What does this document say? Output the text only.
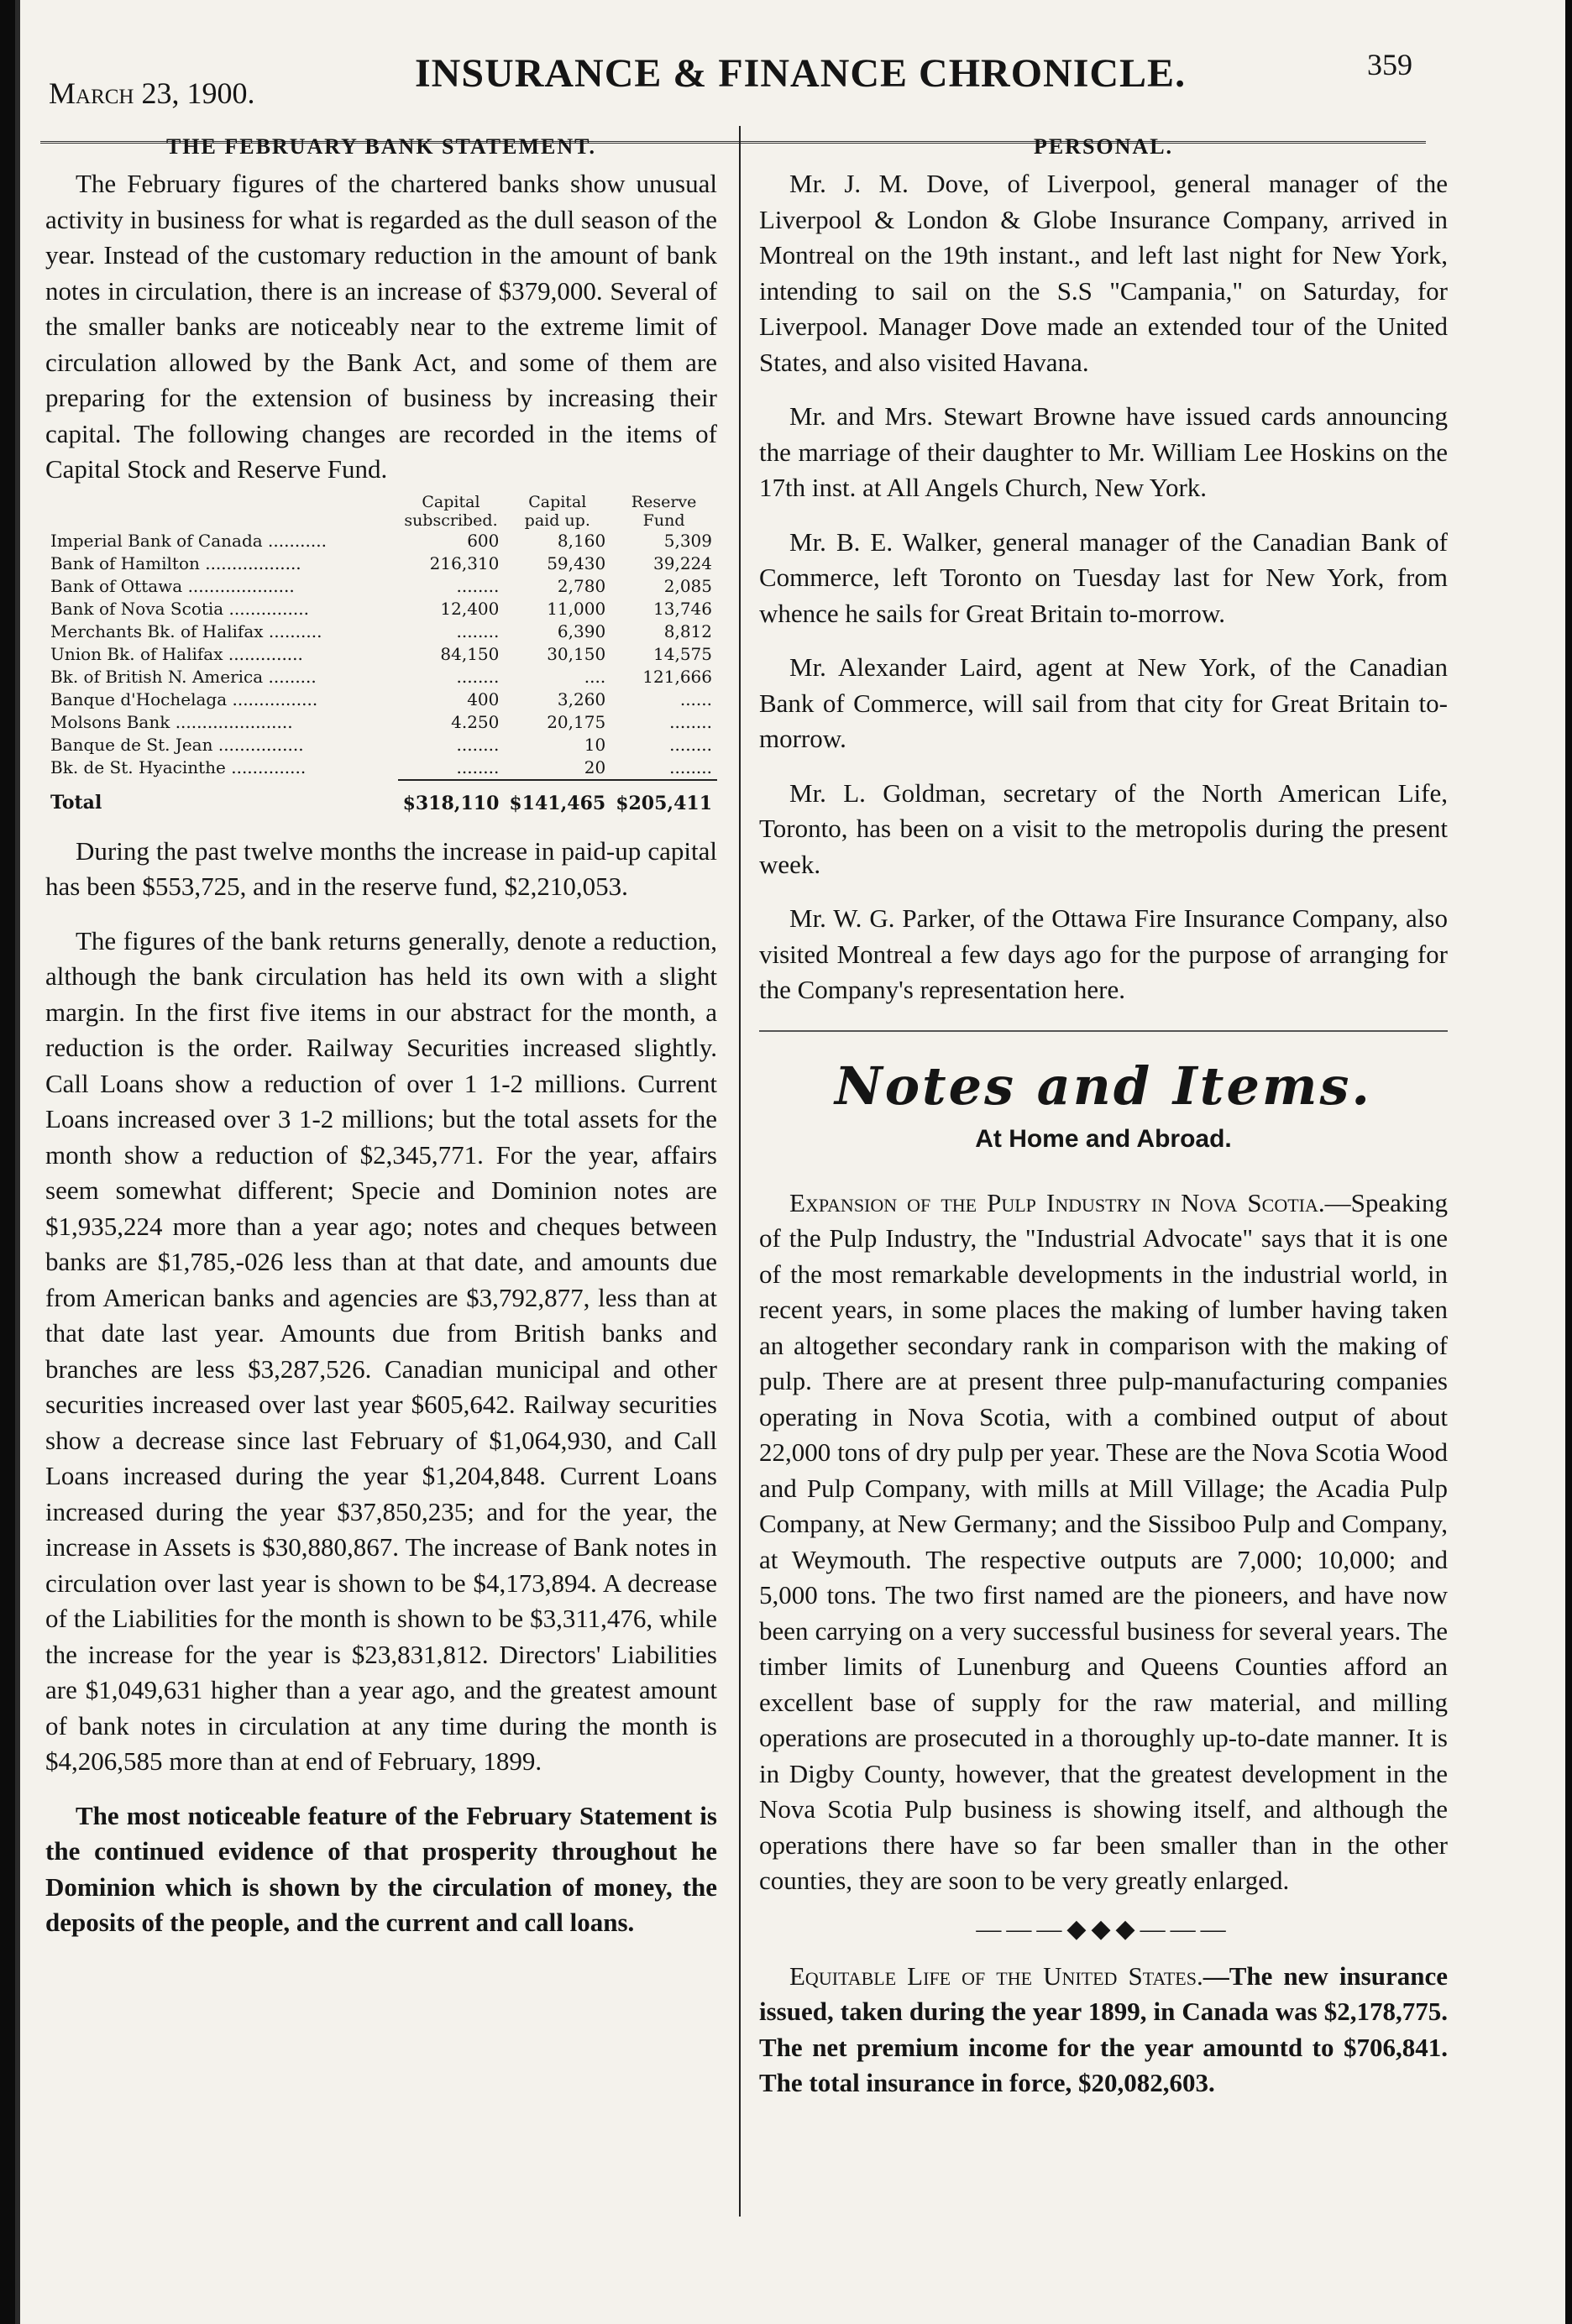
March 23, 1900.	INSURANCE & FINANCE CHRONICLE.	359
THE FEBRUARY BANK STATEMENT.

The February figures of the chartered banks show unusual activity in business for what is regarded as the dull season of the year. Instead of the customary reduction in the amount of bank notes in circulation, there is an increase of $379,000. Several of the smaller banks are noticeably near to the extreme limit of circulation allowed by the Bank Act, and some of them are preparing for the extension of business by increasing their capital. The following changes are recorded in the items of Capital Stock and Reserve Fund.

	Capital subscribed.	Capital paid up.	Reserve Fund
Imperial Bank of Canada ...........	600	8,160	5,309
Bank of Hamilton ..................	216,310	59,430	39,224
Bank of Ottawa ....................	........	2,780	2,085
Bank of Nova Scotia ...............	12,400	11,000	13,746
Merchants Bk. of Halifax ..........	........	6,390	8,812
Union Bk. of Halifax ..............	84,150	30,150	14,575
Bk. of British N. America .........	........	....	121,666
Banque d'Hochelaga ................	400	3,260	......
Molsons Bank ......................	4.250	20,175	........
Banque de St. Jean ................	........	10	........
Bk. de St. Hyacinthe ..............	........	20	........
Total	$318,110	$141,465	$205,411

During the past twelve months the increase in paid-up capital has been $553,725, and in the reserve fund, $2,210,053.

The figures of the bank returns generally, denote a reduction, although the bank circulation has held its own with a slight margin. In the first five items in our abstract for the month, a reduction is the order. Railway Securities increased slightly. Call Loans show a reduction of over 1 1-2 millions. Current Loans increased over 3 1-2 millions; but the total assets for the month show a reduction of $2,345,771. For the year, affairs seem somewhat different; Specie and Dominion notes are $1,935,224 more than a year ago; notes and cheques between banks are $1,785,-026 less than at that date, and amounts due from American banks and agencies are $3,792,877, less than at that date last year. Amounts due from British banks and branches are less $3,287,526. Canadian municipal and other securities increased over last year $605,642. Railway securities show a decrease since last February of $1,064,930, and Call Loans increased during the year $1,204,848. Current Loans increased during the year $37,850,235; and for the year, the increase in Assets is $30,880,867. The increase of Bank notes in circulation over last year is shown to be $4,173,894. A decrease of the Liabilities for the month is shown to be $3,311,476, while the increase for the year is $23,831,812. Directors' Liabilities are $1,049,631 higher than a year ago, and the greatest amount of bank notes in circulation at any time during the month is $4,206,585 more than at end of February, 1899.

The most noticeable feature of the February Statement is the continued evidence of that prosperity throughout he Dominion which is shown by the circulation of money, the deposits of the people, and the current and call loans.

PERSONAL.

Mr. J. M. Dove, of Liverpool, general manager of the Liverpool & London & Globe Insurance Company, arrived in Montreal on the 19th instant., and left last night for New York, intending to sail on the S.S "Campania," on Saturday, for Liverpool. Manager Dove made an extended tour of the United States, and also visited Havana.

Mr. and Mrs. Stewart Browne have issued cards announcing the marriage of their daughter to Mr. William Lee Hoskins on the 17th inst. at All Angels Church, New York.

Mr. B. E. Walker, general manager of the Canadian Bank of Commerce, left Toronto on Tuesday last for New York, from whence he sails for Great Britain to-morrow.

Mr. Alexander Laird, agent at New York, of the Canadian Bank of Commerce, will sail from that city for Great Britain to-morrow.

Mr. L. Goldman, secretary of the North American Life, Toronto, has been on a visit to the metropolis during the present week.

Mr. W. G. Parker, of the Ottawa Fire Insurance Company, also visited Montreal a few days ago for the purpose of arranging for the Company's representation here.

Notes and Items.
At Home and Abroad.

Expansion of the Pulp Industry in Nova Scotia.—Speaking of the Pulp Industry, the "Industrial Advocate" says that it is one of the most remarkable developments in the industrial world, in recent years, in some places the making of lumber having taken an altogether secondary rank in comparison with the making of pulp. There are at present three pulp-manufacturing companies operating in Nova Scotia, with a combined output of about 22,000 tons of dry pulp per year. These are the Nova Scotia Wood and Pulp Company, with mills at Mill Village; the Acadia Pulp Company, at New Germany; and the Sissiboo Pulp and Company, at Weymouth. The respective outputs are 7,000; 10,000; and 5,000 tons. The two first named are the pioneers, and have now been carrying on a very successful business for several years. The timber limits of Lunenburg and Queens Counties afford an excellent base of supply for the raw material, and milling operations are prosecuted in a thoroughly up-to-date manner. It is in Digby County, however, that the greatest development in the Nova Scotia Pulp business is showing itself, and although the operations there have so far been smaller than in the other counties, they are soon to be very greatly enlarged.

———◆◆◆———

Equitable Life of the United States.—The new insurance issued, taken during the year 1899, in Canada was $2,178,775. The net premium income for the year amountd to $706,841. The total insurance in force, $20,082,603.
